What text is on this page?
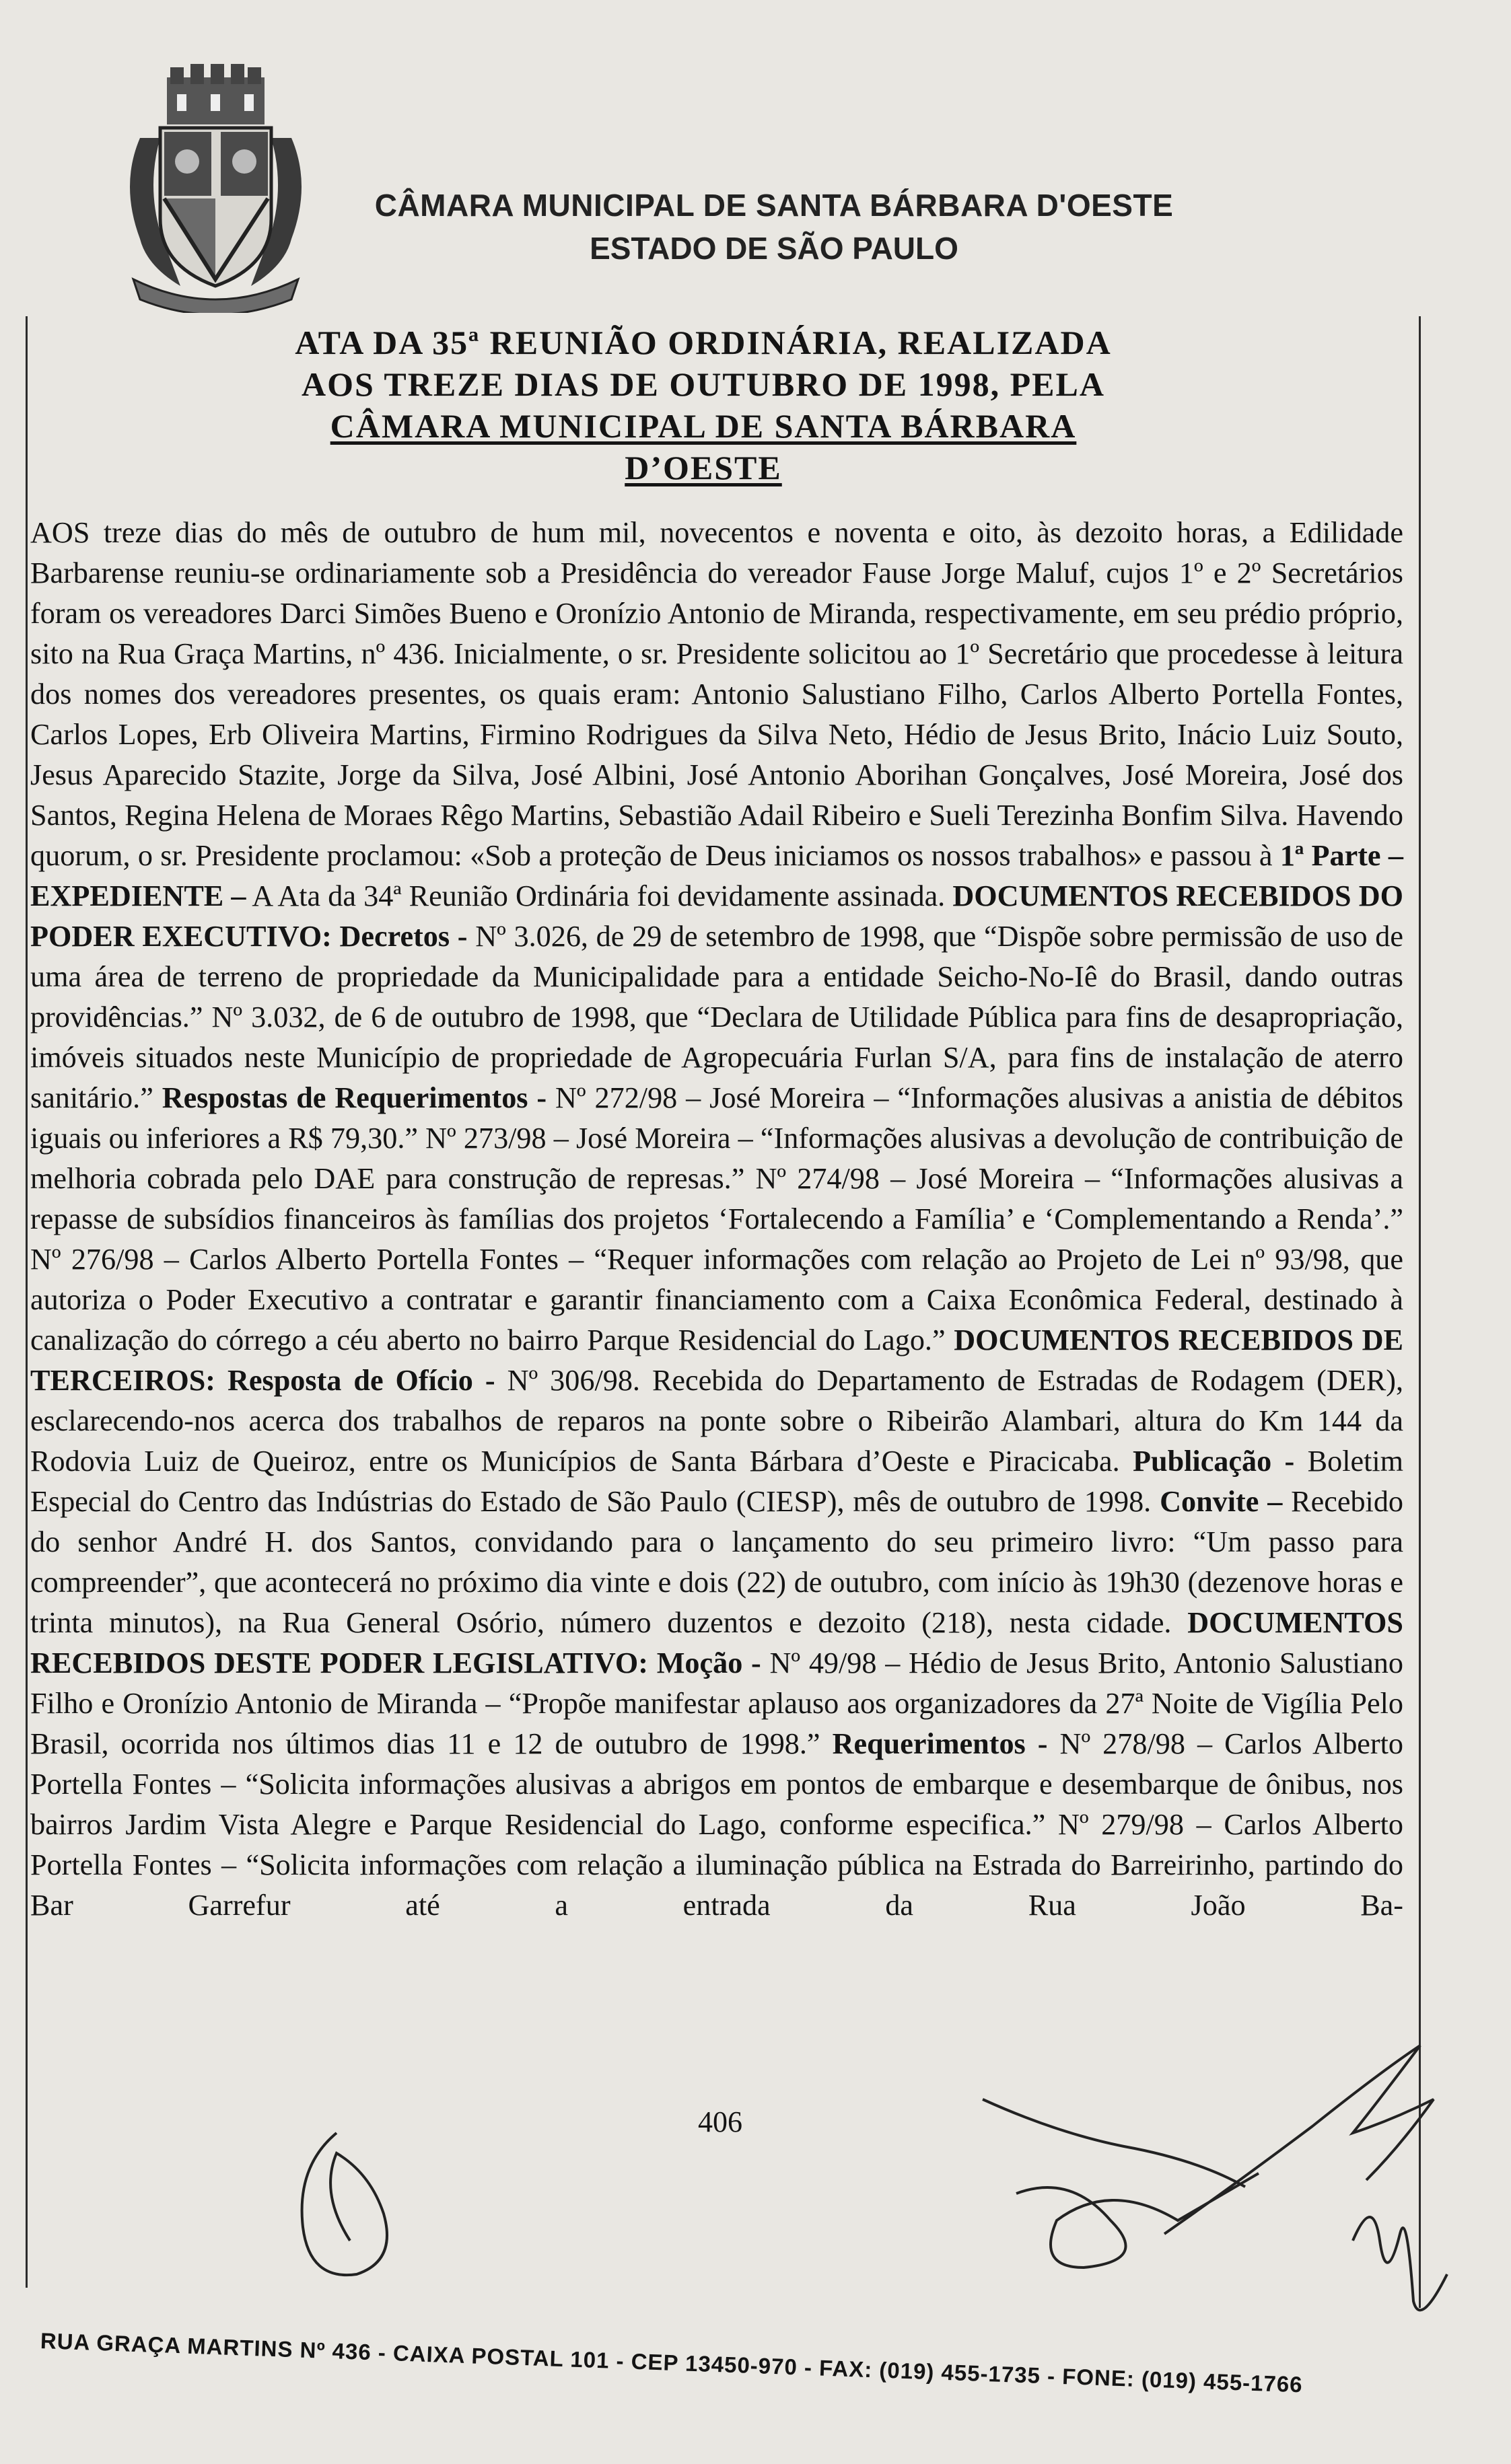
CÂMARA MUNICIPAL DE SANTA BÁRBARA D'OESTE
ESTADO DE SÃO PAULO
ATA DA 35ª REUNIÃO ORDINÁRIA, REALIZADA
AOS TREZE DIAS DE OUTUBRO DE 1998, PELA
CÂMARA MUNICIPAL DE SANTA BÁRBARA D’OESTE
AOS treze dias do mês de outubro de hum mil, novecentos e noventa e oito, às dezoito horas, a Edilidade Barbarense reuniu-se ordinariamente sob a Presidência do vereador Fause Jorge Maluf, cujos 1º e 2º Secretários foram os vereadores Darci Simões Bueno e Oronízio Antonio de Miranda, respectivamente, em seu prédio próprio, sito na Rua Graça Martins, nº 436. Inicialmente, o sr. Presidente solicitou ao 1º Secretário que procedesse à leitura dos nomes dos vereadores presentes, os quais eram: Antonio Salustiano Filho, Carlos Alberto Portella Fontes, Carlos Lopes, Erb Oliveira Martins, Firmino Rodrigues da Silva Neto, Hédio de Jesus Brito, Inácio Luiz Souto, Jesus Aparecido Stazite, Jorge da Silva, José Albini, José Antonio Aborihan Gonçalves, José Moreira, José dos Santos, Regina Helena de Moraes Rêgo Martins, Sebastião Adail Ribeiro e Sueli Terezinha Bonfim Silva. Havendo quorum, o sr. Presidente proclamou: «Sob a proteção de Deus iniciamos os nossos trabalhos» e passou à 1ª Parte – EXPEDIENTE – A Ata da 34ª Reunião Ordinária foi devidamente assinada. DOCUMENTOS RECEBIDOS DO PODER EXECUTIVO: Decretos - Nº 3.026, de 29 de setembro de 1998, que “Dispõe sobre permissão de uso de uma área de terreno de propriedade da Municipalidade para a entidade Seicho-No-Iê do Brasil, dando outras providências.” Nº 3.032, de 6 de outubro de 1998, que “Declara de Utilidade Pública para fins de desapropriação, imóveis situados neste Município de propriedade de Agropecuária Furlan S/A, para fins de instalação de aterro sanitário.” Respostas de Requerimentos - Nº 272/98 – José Moreira – “Informações alusivas a anistia de débitos iguais ou inferiores a R$ 79,30.” Nº 273/98 – José Moreira – “Informações alusivas a devolução de contribuição de melhoria cobrada pelo DAE para construção de represas.” Nº 274/98 – José Moreira – “Informações alusivas a repasse de subsídios financeiros às famílias dos projetos ‘Fortalecendo a Família’ e ‘Complementando a Renda’.” Nº 276/98 – Carlos Alberto Portella Fontes – “Requer informações com relação ao Projeto de Lei nº 93/98, que autoriza o Poder Executivo a contratar e garantir financiamento com a Caixa Econômica Federal, destinado à canalização do córrego a céu aberto no bairro Parque Residencial do Lago.” DOCUMENTOS RECEBIDOS DE TERCEIROS: Resposta de Ofício - Nº 306/98. Recebida do Departamento de Estradas de Rodagem (DER), esclarecendo-nos acerca dos trabalhos de reparos na ponte sobre o Ribeirão Alambari, altura do Km 144 da Rodovia Luiz de Queiroz, entre os Municípios de Santa Bárbara d’Oeste e Piracicaba. Publicação - Boletim Especial do Centro das Indústrias do Estado de São Paulo (CIESP), mês de outubro de 1998. Convite – Recebido do senhor André H. dos Santos, convidando para o lançamento do seu primeiro livro: “Um passo para compreender”, que acontecerá no próximo dia vinte e dois (22) de outubro, com início às 19h30 (dezenove horas e trinta minutos), na Rua General Osório, número duzentos e dezoito (218), nesta cidade. DOCUMENTOS RECEBIDOS DESTE PODER LEGISLATIVO: Moção - Nº 49/98 – Hédio de Jesus Brito, Antonio Salustiano Filho e Oronízio Antonio de Miranda – “Propõe manifestar aplauso aos organizadores da 27ª Noite de Vigília Pelo Brasil, ocorrida nos últimos dias 11 e 12 de outubro de 1998.” Requerimentos - Nº 278/98 – Carlos Alberto Portella Fontes – “Solicita informações alusivas a abrigos em pontos de embarque e desembarque de ônibus, nos bairros Jardim Vista Alegre e Parque Residencial do Lago, conforme especifica.” Nº 279/98 – Carlos Alberto Portella Fontes – “Solicita informações com relação a iluminação pública na Estrada do Barreirinho, partindo do Bar Garrefur até a entrada da Rua João Ba-
406
RUA GRAÇA MARTINS Nº 436 - CAIXA POSTAL 101 - CEP 13450-970 - FAX: (019) 455-1735 - FONE: (019) 455-1766
